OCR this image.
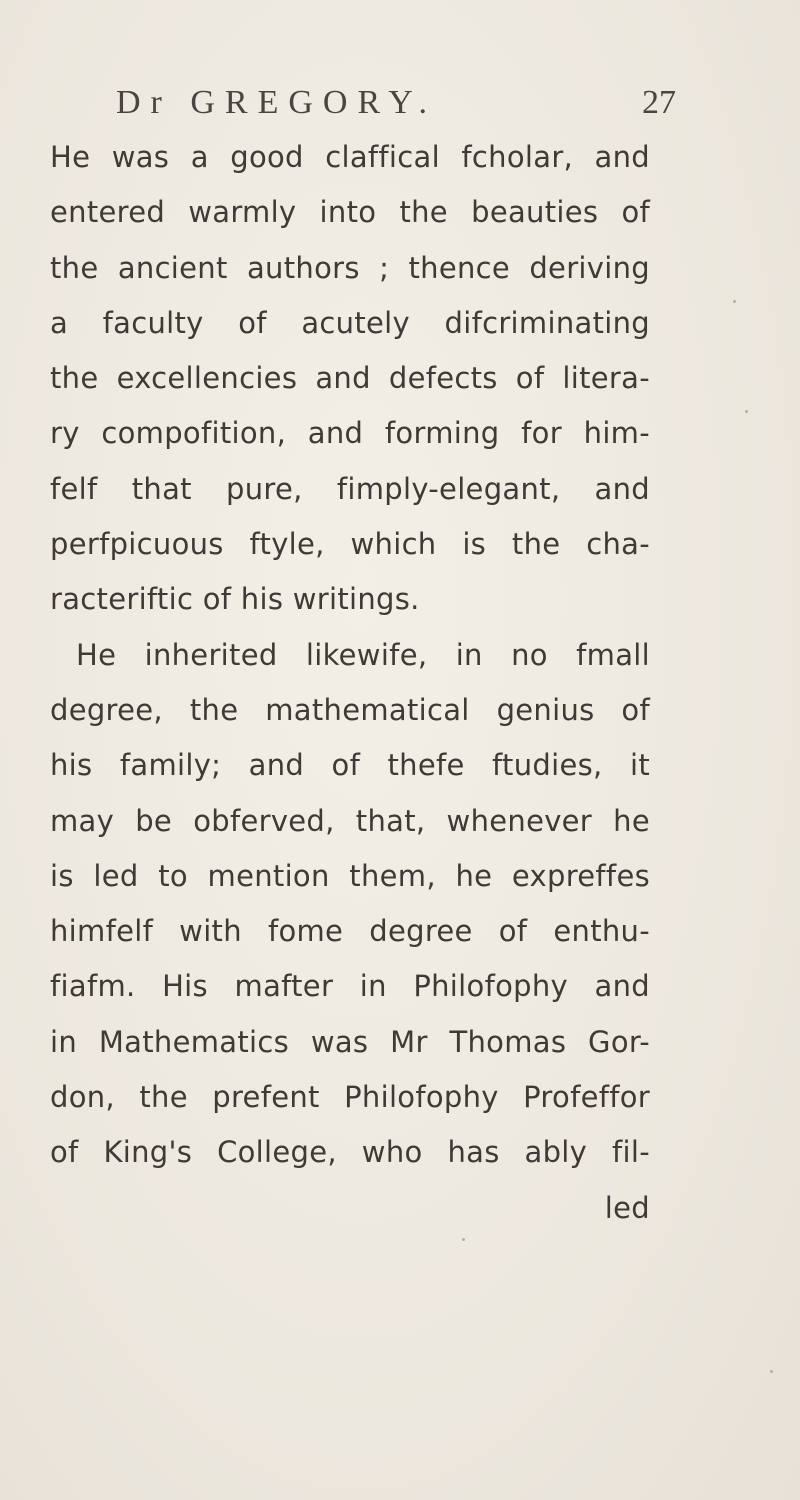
Dr GREGORY.	27
He was a good claffical fcholar, and
entered warmly into the beauties of
the ancient authors ; thence deriving
a faculty of acutely difcriminating
the excellencies and defects of litera-
ry compofition, and forming for him-
felf that pure, fimply-elegant, and
perfpicuous ftyle, which is the cha-
racteriftic of his writings.
He inherited likewife, in no fmall
degree, the mathematical genius of
his family; and of thefe ftudies, it
may be obferved, that, whenever he
is led to mention them, he expreffes
himfelf with fome degree of enthu-
fiafm. His mafter in Philofophy and
in Mathematics was Mr Thomas Gor-
don, the prefent Philofophy Profeffor
of King's College, who has ably fil-
led
